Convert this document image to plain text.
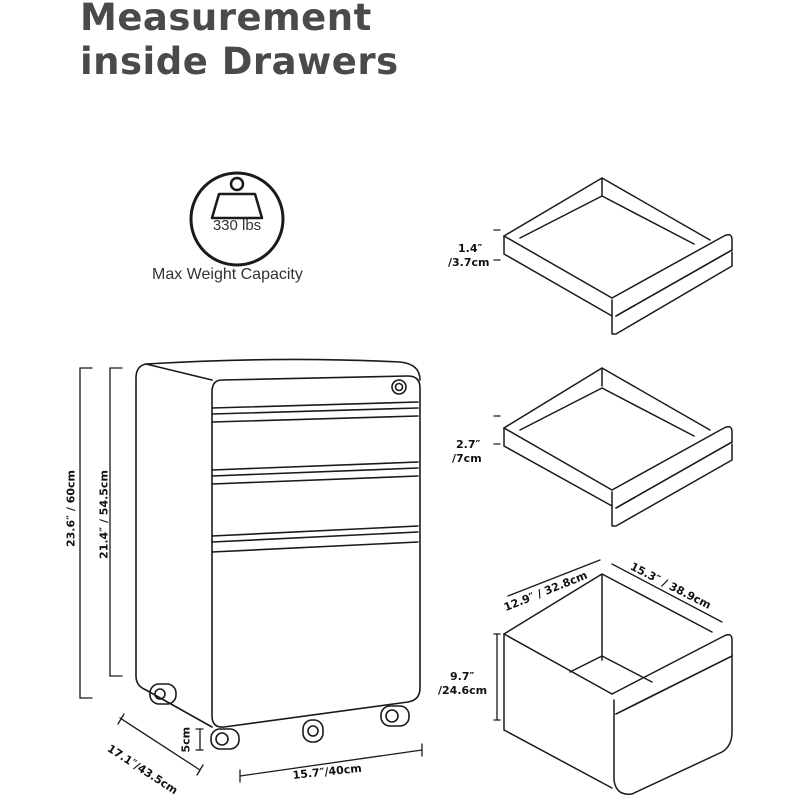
Measurement
inside Drawers
330 lbs
Max Weight Capacity
23.6″ / 60cm 21.4″ / 54.5cm
17.1″/43.5cm	15.7″/40cm
5cm
1.4″
/3.7cm
2.7″
/7cm
9.7″
/24.6cm
12.9″ / 32.8cm	15.3″ / 38.9cm
